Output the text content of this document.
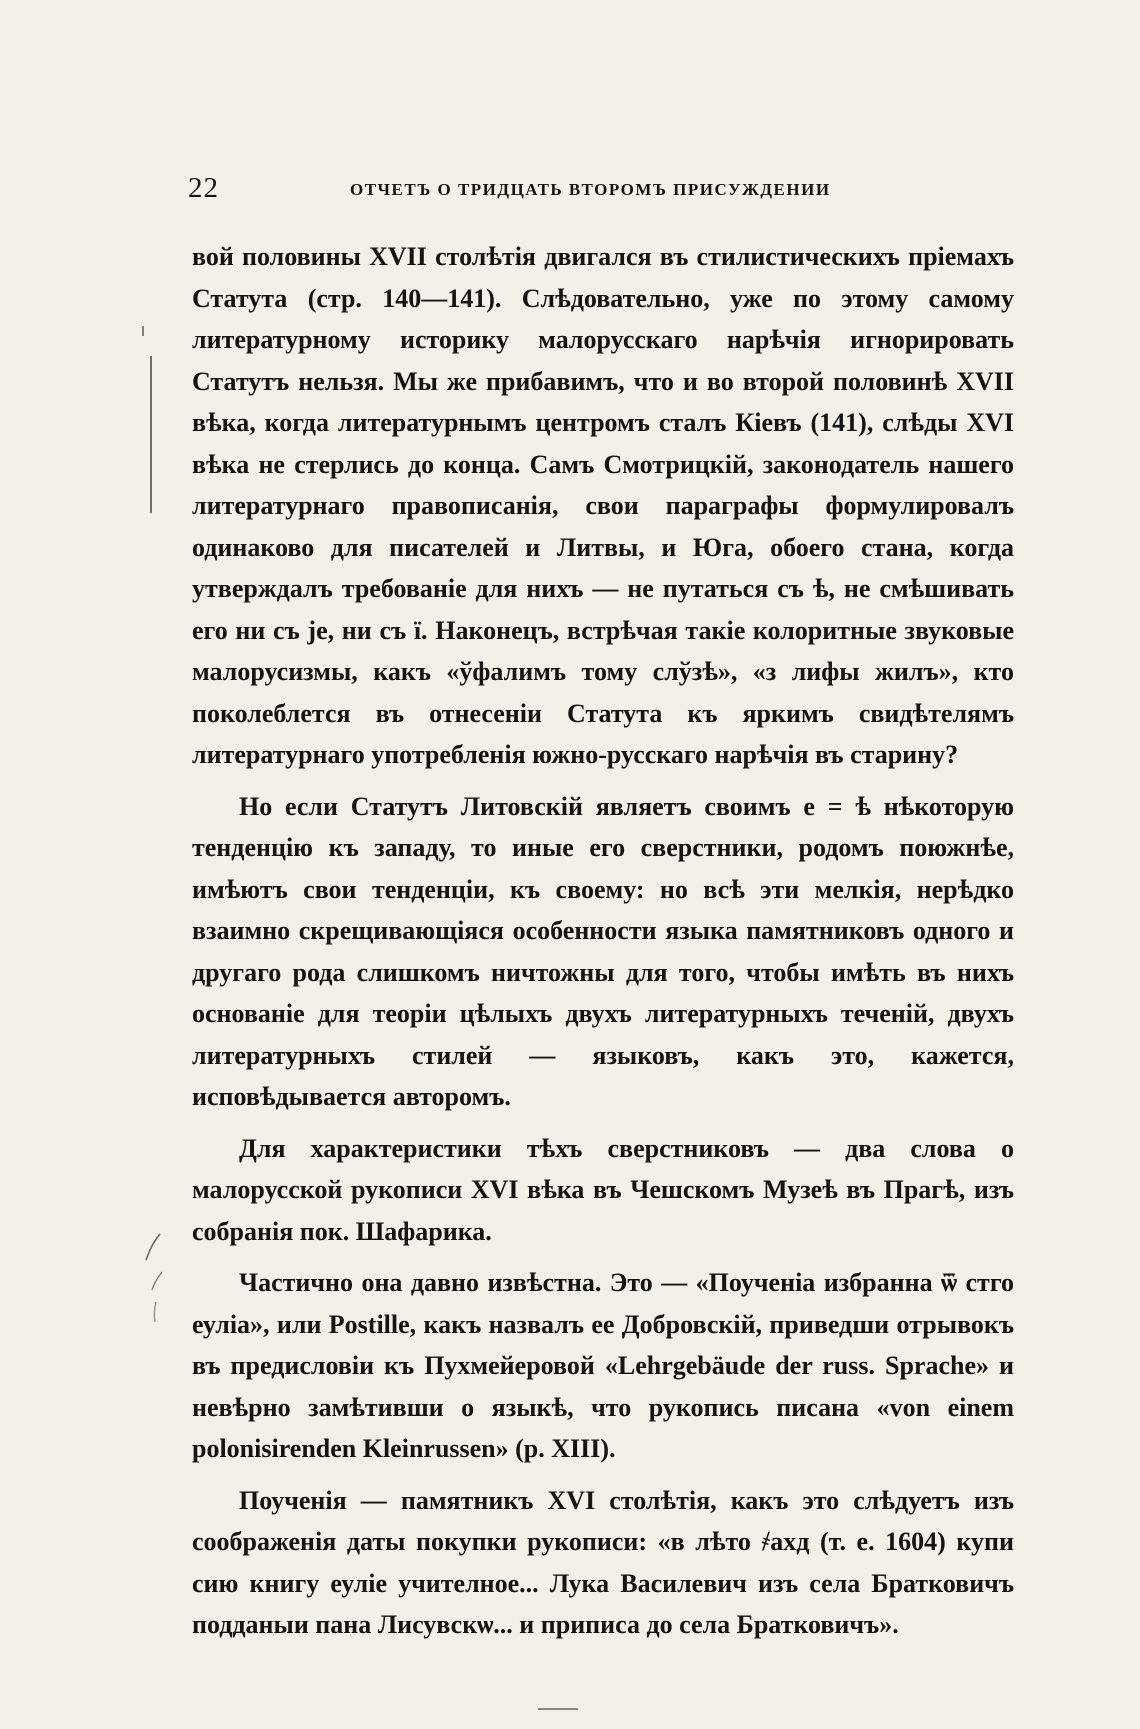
22	ОТЧЕТЪ О ТРИДЦАТЬ ВТОРОМЪ ПРИСУЖДЕНИИ

вой половины XVII столѣтія двигался въ стилистическихъ пріемахъ Статута (стр. 140—141). Слѣдовательно, уже по этому самому литературному историку малорусскаго нарѣчія игнорировать Статутъ нельзя. Мы же прибавимъ, что и во второй половинѣ XVII вѣка, когда литературнымъ центромъ сталъ Кіевъ (141), слѣды XVI вѣка не стерлись до конца. Самъ Смотрицкій, законодатель нашего литературнаго правописанія, свои параграфы формулировалъ одинаково для писателей и Литвы, и Юга, обоего стана, когда утверждалъ требованіе для нихъ — не путаться съ ѣ, не смѣшивать его ни съ je, ни съ ї. Наконецъ, встрѣчая такіе колоритные звуковые малорусизмы, какъ «ўфалимъ тому слўзѣ», «з лифы жилъ», кто поколеблется въ отнесеніи Статута къ яркимъ свидѣтелямъ литературнаго употребленія южно-русскаго нарѣчія въ старину?

Но если Статутъ Литовскій являетъ своимъ е = ѣ нѣкоторую тенденцію къ западу, то иные его сверстники, родомъ поюжнѣе, имѣютъ свои тенденціи, къ своему: но всѣ эти мелкія, нерѣдко взаимно скрещивающіяся особенности языка памятниковъ одного и другаго рода слишкомъ ничтожны для того, чтобы имѣть въ нихъ основаніе для теоріи цѣлыхъ двухъ литературныхъ теченій, двухъ литературныхъ стилей — языковъ, какъ это, кажется, исповѣдывается авторомъ.

Для характеристики тѣхъ сверстниковъ — два слова о малорусской рукописи XVI вѣка въ Чешскомъ Музеѣ въ Прагѣ, изъ собранія пок. Шафарика.

Частично она давно извѣстна. Это — «Поученіа избранна ѿ стго еуліа», или Postille, какъ назвалъ ее Добровскій, приведши отрывокъ въ предисловіи къ Пухмейеровой «Lehrgebäude der russ. Sprache» и невѣрно замѣтивши о языкѣ, что рукопись писана «von einem polonisirenden Kleinrussen» (p. XIII).

Поученія — памятникъ XVI столѣтія, какъ это слѣдуетъ изъ соображенія даты покупки рукописи: «в лѣто ҂ахд (т. е. 1604) купи сию книгу еулie учителное... Лука Василевич изъ села Братковичъ подданыи пана Лисувскѡ... и приписа до села Братковичъ».
